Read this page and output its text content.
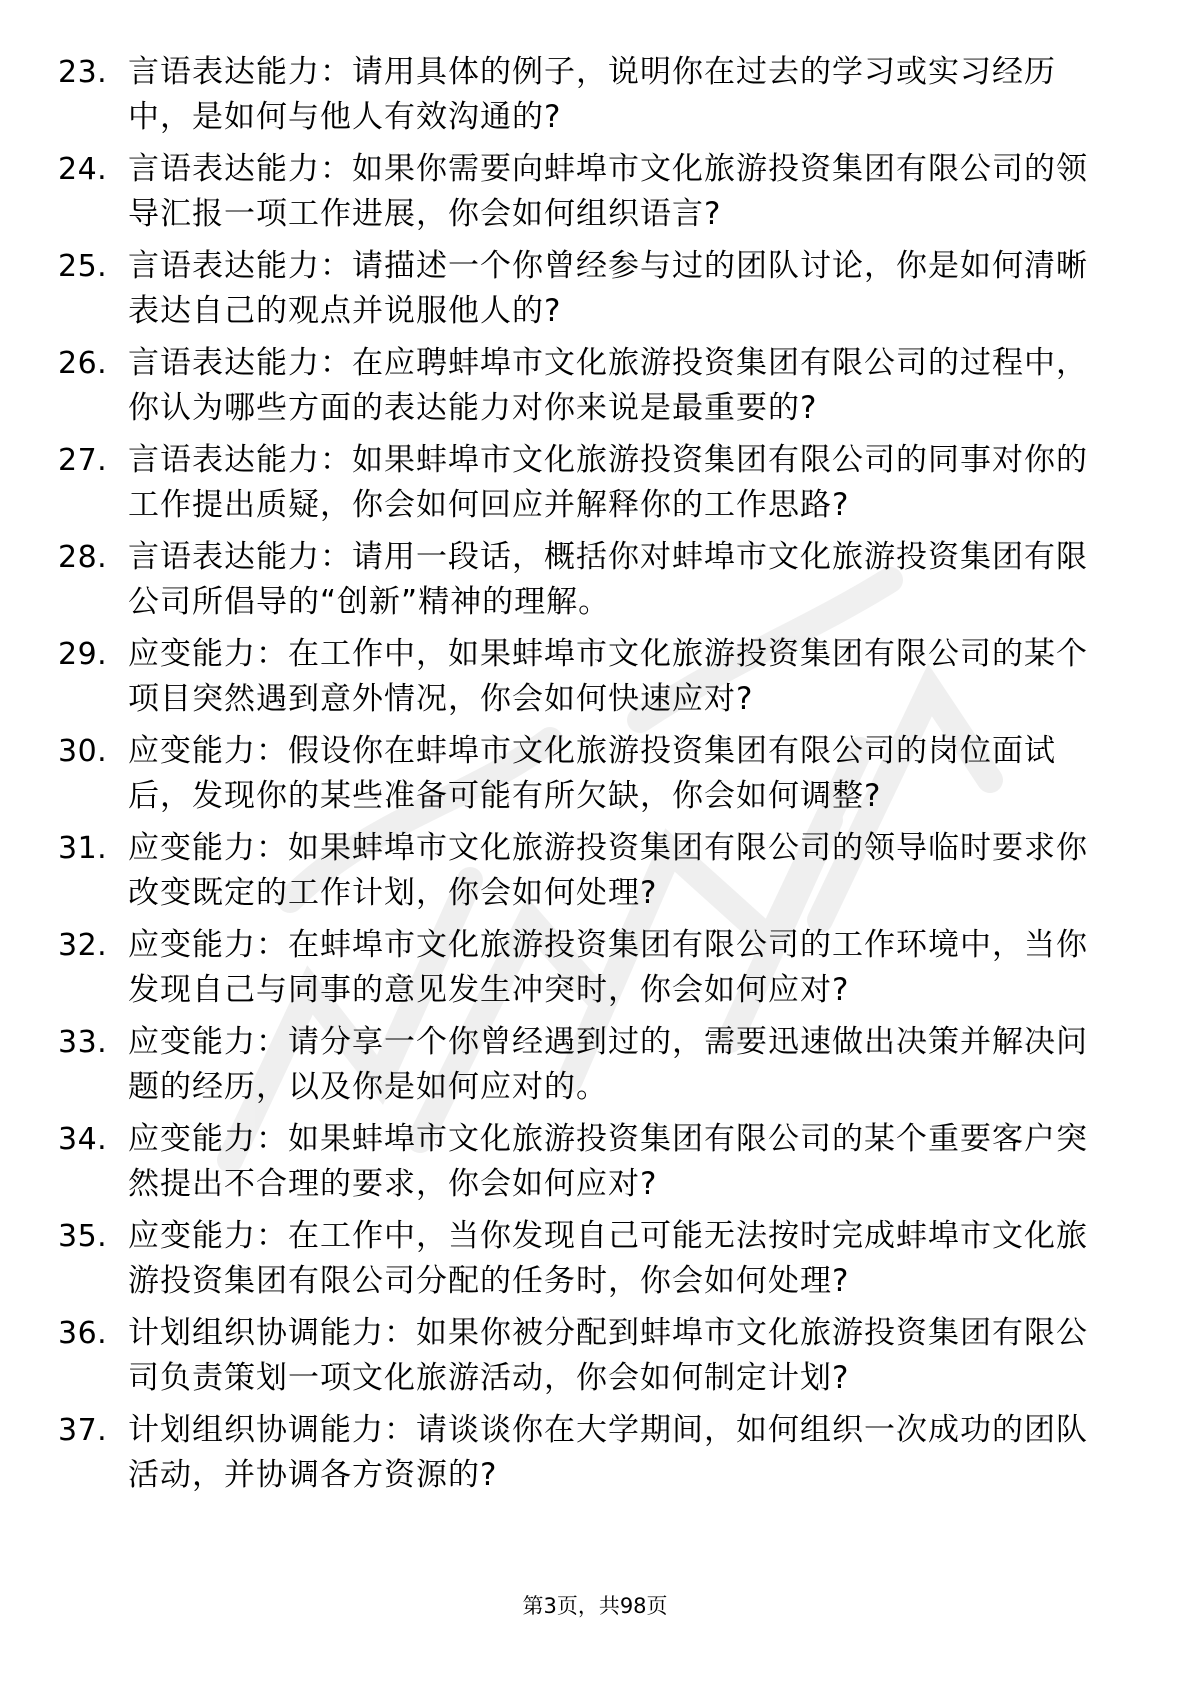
23. 言语表达能力：请用具体的例子，说明你在过去的学习或实习经历中，是如何与他人有效沟通的?
24. 言语表达能力：如果你需要向蚌埠市文化旅游投资集团有限公司的领导汇报一项工作进展，你会如何组织语言?
25. 言语表达能力：请描述一个你曾经参与过的团队讨论，你是如何清晰表达自己的观点并说服他人的?
26. 言语表达能力：在应聘蚌埠市文化旅游投资集团有限公司的过程中，你认为哪些方面的表达能力对你来说是最重要的?
27. 言语表达能力：如果蚌埠市文化旅游投资集团有限公司的同事对你的工作提出质疑，你会如何回应并解释你的工作思路?
28. 言语表达能力：请用一段话，概括你对蚌埠市文化旅游投资集团有限公司所倡导的“创新”精神的理解。
29. 应变能力：在工作中，如果蚌埠市文化旅游投资集团有限公司的某个项目突然遇到意外情况，你会如何快速应对?
30. 应变能力：假设你在蚌埠市文化旅游投资集团有限公司的岗位面试后，发现你的某些准备可能有所欠缺，你会如何调整?
31. 应变能力：如果蚌埠市文化旅游投资集团有限公司的领导临时要求你改变既定的工作计划，你会如何处理?
32. 应变能力：在蚌埠市文化旅游投资集团有限公司的工作环境中，当你发现自己与同事的意见发生冲突时，你会如何应对?
33. 应变能力：请分享一个你曾经遇到过的，需要迅速做出决策并解决问题的经历，以及你是如何应对的。
34. 应变能力：如果蚌埠市文化旅游投资集团有限公司的某个重要客户突然提出不合理的要求，你会如何应对?
35. 应变能力：在工作中，当你发现自己可能无法按时完成蚌埠市文化旅游投资集团有限公司分配的任务时，你会如何处理?
36. 计划组织协调能力：如果你被分配到蚌埠市文化旅游投资集团有限公司负责策划一项文化旅游活动，你会如何制定计划?
37. 计划组织协调能力：请谈谈你在大学期间，如何组织一次成功的团队活动，并协调各方资源的?
第3页，共98页
